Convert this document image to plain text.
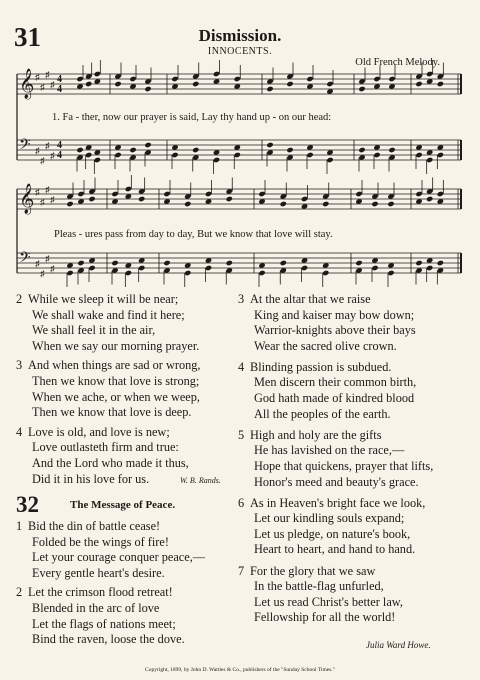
31	Dismission.
INNOCENTS.
Old French Melody.
𝄞 ♯
♯
♯
♯ 4
4
𝄢 ♯
♯
♯
♯
4
4
𝄞 ♯
♯
♯
♯
𝄢 ♯
♯
♯
♯
1. Fa - ther, now our prayer is said, Lay thy hand up - on our head:
Pleas - ures pass from day to day, But we know that love will stay.
2 While we sleep it will be near;
We shall wake and find it here;
We shall feel it in the air,
When we say our morning prayer.
3 And when things are sad or wrong,
Then we know that love is strong;
When we ache, or when we weep,
Then we know that love is deep.
4 Love is old, and love is new;
Love outlasteth firm and true:
And the Lord who made it thus,
Did it in his love for us.	W. B. Rands.
32	The Message of Peace.
1 Bid the din of battle cease!
Folded be the wings of fire!
Let your courage conquer peace,—
Every gentle heart's desire.
2 Let the crimson flood retreat!
Blended in the arc of love
Let the flags of nations meet;
Bind the raven, loose the dove.
3 At the altar that we raise
King and kaiser may bow down;
Warrior-knights above their bays
Wear the sacred olive crown.
4 Blinding passion is subdued.
Men discern their common birth,
God hath made of kindred blood
All the peoples of the earth.
5 High and holy are the gifts
He has lavished on the race,—
Hope that quickens, prayer that lifts,
Honor's meed and beauty's grace.
6 As in Heaven's bright face we look,
Let our kindling souls expand;
Let us pledge, on nature's book,
Heart to heart, and hand to hand.
7 For the glory that we saw
In the battle-flag unfurled,
Let us read Christ's better law,
Fellowship for all the world!
Julia Ward Howe.
Copyright, 1899, by John D. Wattles & Co., publishers of the "Sunday School Times."
